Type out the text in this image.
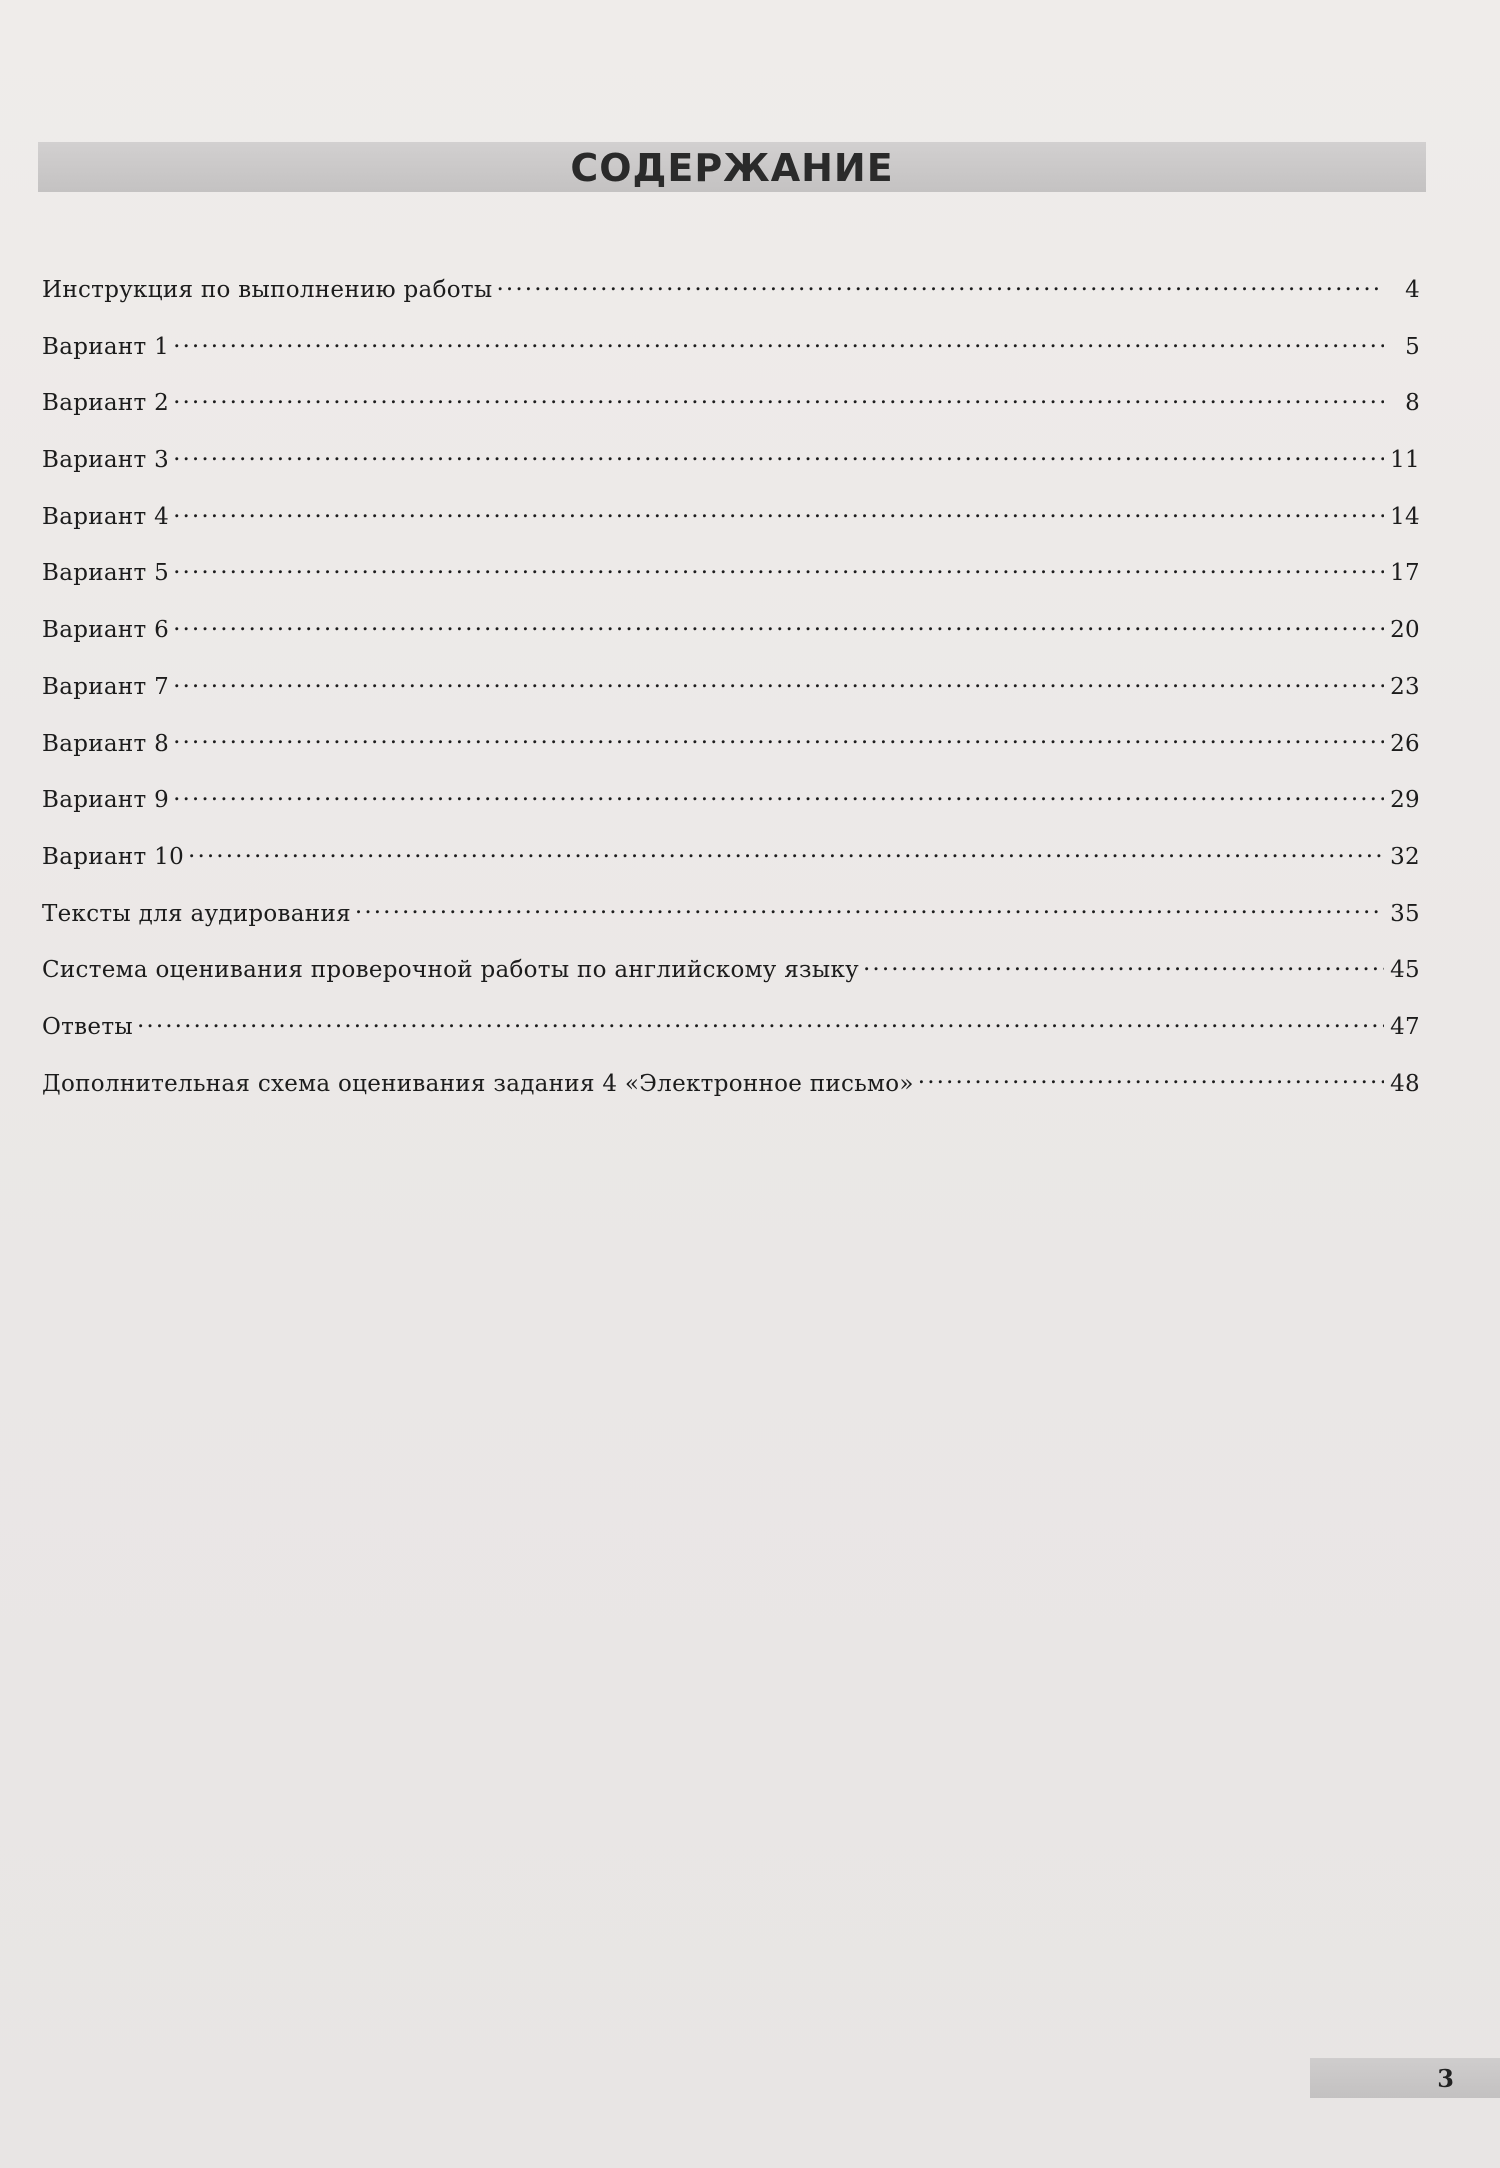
СОДЕРЖАНИЕ
Инструкция по выполнению работы . . .	4
Вариант 1 . . .	5
Вариант 2 . . .	8
Вариант 3 . . .	11
Вариант 4 . . .	14
Вариант 5 . . .	17
Вариант 6 . . .	20
Вариант 7 . . .	23
Вариант 8 . . .	26
Вариант 9 . . .	29
Вариант 10 . . .	32
Тексты для аудирования . . .	35
Система оценивания проверочной работы по английскому языку . . .	45
Ответы . . .	47
Дополнительная схема оценивания задания 4 «Электронное письмо» . . .	48
3
